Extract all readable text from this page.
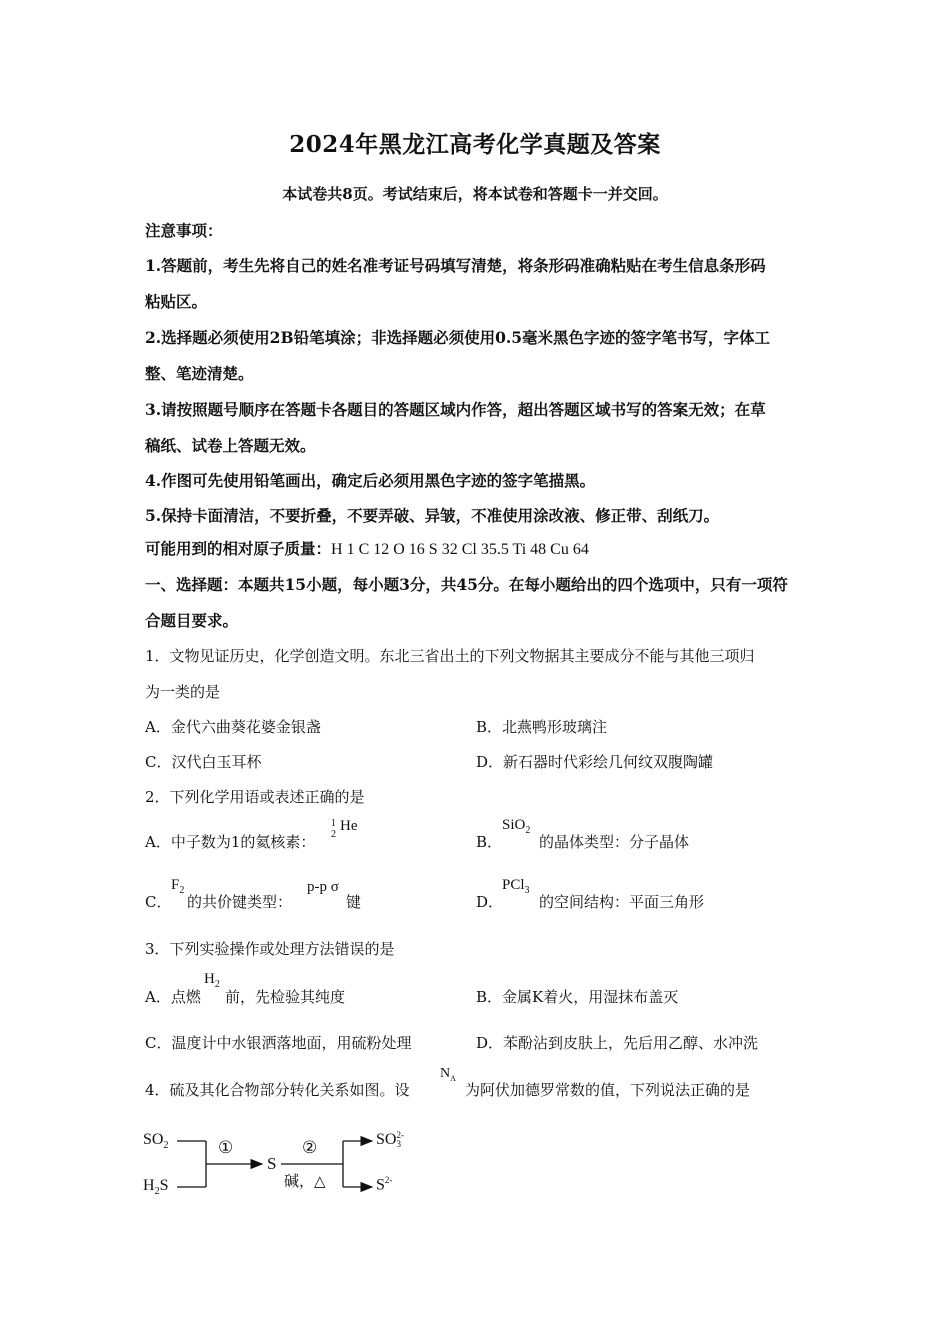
2024年黑龙江高考化学真题及答案
本试卷共8页。考试结束后，将本试卷和答题卡一并交回。
注意事项：
1.答题前，考生先将自己的姓名准考证号码填写清楚，将条形码准确粘贴在考生信息条形码
粘贴区。
2.选择题必须使用2B铅笔填涂；非选择题必须使用0.5毫米黑色字迹的签字笔书写，字体工
整、笔迹清楚。
3.请按照题号顺序在答题卡各题目的答题区域内作答，超出答题区域书写的答案无效；在草
稿纸、试卷上答题无效。
4.作图可先使用铅笔画出，确定后必须用黑色字迹的签字笔描黑。
5.保持卡面清洁，不要折叠，不要弄破、异皱，不准使用涂改液、修正带、刮纸刀。
可能用到的相对原子质量：H 1 C 12 O 16 S 32 Cl 35.5 Ti 48 Cu 64
一、选择题：本题共15小题，每小题3分，共45分。在每小题给出的四个选项中，只有一项符
合题目要求。
1．文物见证历史，化学创造文明。东北三省出土的下列文物据其主要成分不能与其他三项归
为一类的是
A．金代六曲葵花婆金银盏	B．北燕鸭形玻璃注
C．汉代白玉耳杯	D．新石器时代彩绘几何纹双腹陶罐
2．下列化学用语或表述正确的是
A．中子数为1的氦核素：
1
2
He
B．
SiO$_2$
的晶体类型：分子晶体
C．
$F_2$
的共价键类型：
p-p σ
键	D．
PCl$_3$
的空间结构：平面三角形
3．下列实验操作或处理方法错误的是
A．点燃
$H_2$
前，先检验其纯度	B．金属K着火，用湿抹布盖灭
C．温度计中水银洒落地面，用硫粉处理	D．苯酚沾到皮肤上，先后用乙醇、水冲洗
4．硫及其化合物部分转化关系如图。设
$N_A$
为阿伏加德罗常数的值，下列说法正确的是
$SO_2$
$H_2S$
①
S
②
碱，△
SO 2-
3
$S^{2-}$
